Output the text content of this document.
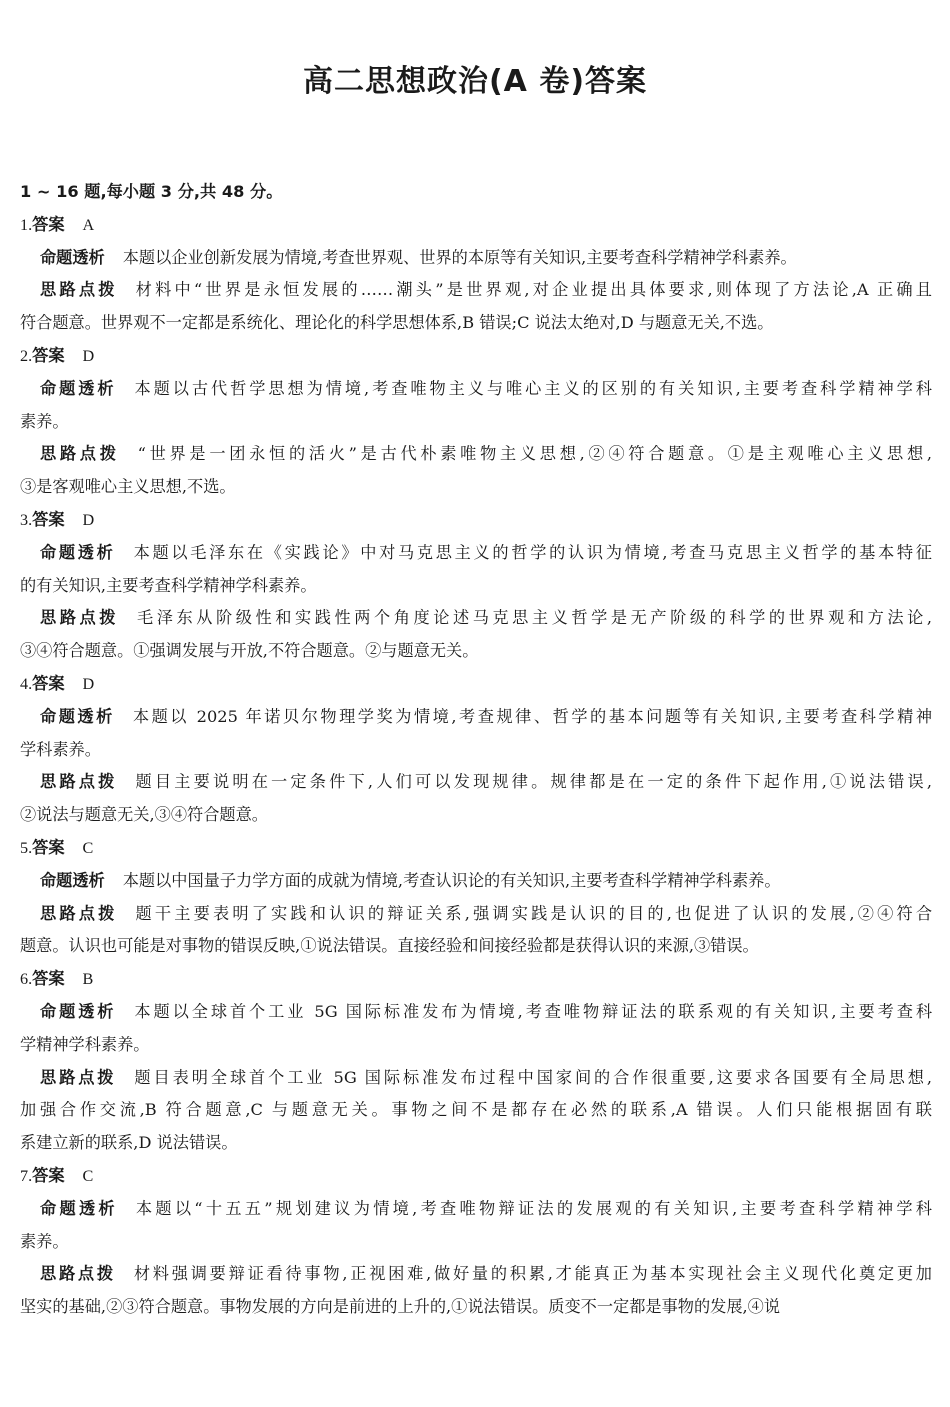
高二思想政治(A 卷)答案
1 ~ 16 题,每小题 3 分,共 48 分。
1.答案 A
命题透析 本题以企业创新发展为情境,考查世界观、世界的本原等有关知识,主要考查科学精神学科素养。
思路点拨 材料中“世界是永恒发展的……潮头”是世界观,对企业提出具体要求,则体现了方法论,A 正确且
符合题意。世界观不一定都是系统化、理论化的科学思想体系,B 错误;C 说法太绝对,D 与题意无关,不选。
2.答案 D
命题透析 本题以古代哲学思想为情境,考查唯物主义与唯心主义的区别的有关知识,主要考查科学精神学科
素养。
思路点拨 “世界是一团永恒的活火”是古代朴素唯物主义思想,②④符合题意。①是主观唯心主义思想,
③是客观唯心主义思想,不选。
3.答案 D
命题透析 本题以毛泽东在《实践论》中对马克思主义的哲学的认识为情境,考查马克思主义哲学的基本特征
的有关知识,主要考查科学精神学科素养。
思路点拨 毛泽东从阶级性和实践性两个角度论述马克思主义哲学是无产阶级的科学的世界观和方法论,
③④符合题意。①强调发展与开放,不符合题意。②与题意无关。
4.答案 D
命题透析 本题以 2025 年诺贝尔物理学奖为情境,考查规律、哲学的基本问题等有关知识,主要考查科学精神
学科素养。
思路点拨 题目主要说明在一定条件下,人们可以发现规律。规律都是在一定的条件下起作用,①说法错误,
②说法与题意无关,③④符合题意。
5.答案 C
命题透析 本题以中国量子力学方面的成就为情境,考查认识论的有关知识,主要考查科学精神学科素养。
思路点拨 题干主要表明了实践和认识的辩证关系,强调实践是认识的目的,也促进了认识的发展,②④符合
题意。认识也可能是对事物的错误反映,①说法错误。直接经验和间接经验都是获得认识的来源,③错误。
6.答案 B
命题透析 本题以全球首个工业 5G 国际标准发布为情境,考查唯物辩证法的联系观的有关知识,主要考查科
学精神学科素养。
思路点拨 题目表明全球首个工业 5G 国际标准发布过程中国家间的合作很重要,这要求各国要有全局思想,
加强合作交流,B 符合题意,C 与题意无关。事物之间不是都存在必然的联系,A 错误。人们只能根据固有联
系建立新的联系,D 说法错误。
7.答案 C
命题透析 本题以“十五五”规划建议为情境,考查唯物辩证法的发展观的有关知识,主要考查科学精神学科
素养。
思路点拨 材料强调要辩证看待事物,正视困难,做好量的积累,才能真正为基本实现社会主义现代化奠定更加
坚实的基础,②③符合题意。事物发展的方向是前进的上升的,①说法错误。质变不一定都是事物的发展,④说
